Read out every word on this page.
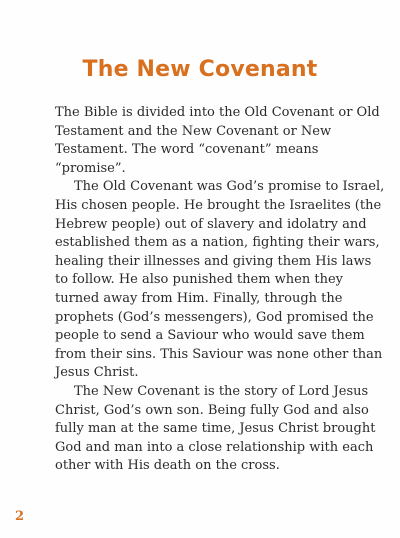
The New Covenant

The Bible is divided into the Old Covenant or Old Testament and the New Covenant or New Testament. The word “covenant” means “promise”.

The Old Covenant was God’s promise to Israel, His chosen people. He brought the Israelites (the Hebrew people) out of slavery and idolatry and established them as a nation, fighting their wars, healing their illnesses and giving them His laws to follow. He also punished them when they turned away from Him. Finally, through the prophets (God’s messengers), God promised the people to send a Saviour who would save them from their sins. This Saviour was none other than Jesus Christ.

The New Covenant is the story of Lord Jesus Christ, God’s own son. Being fully God and also fully man at the same time, Jesus Christ brought God and man into a close relationship with each other with His death on the cross.

2
